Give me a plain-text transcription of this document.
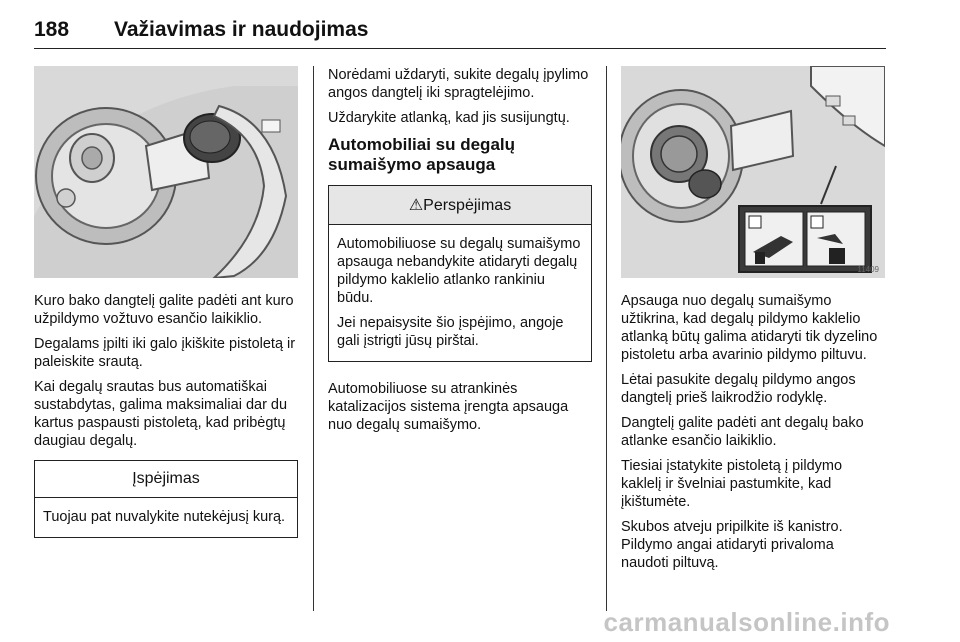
188 Važiavimas ir naudojimas

Kuro bako dangtelį galite padėti ant kuro užpildymo vožtuvo esančio laikiklio.

Degalams įpilti iki galo įkiškite pistoletą ir paleiskite srautą.

Kai degalų srautas bus automatiškai sustabdytas, galima maksimaliai dar du kartus paspausti pistoletą, kad pribėgtų daugiau degalų.

Įspėjimas

Tuojau pat nuvalykite nutekėjusį kurą.

Norėdami uždaryti, sukite degalų įpylimo angos dangtelį iki spragtelėjimo.

Uždarykite atlanką, kad jis susijungtų.

Automobiliai su degalų sumaišymo apsauga
⚠Perspėjimas

Automobiliuose su degalų sumaišymo apsauga nebandykite atidaryti degalų pildymo kaklelio atlanko rankiniu būdu.

Jei nepaisysite šio įspėjimo, angoje gali įstrigti jūsų pirštai.

Automobiliuose su atrankinės katalizacijos sistema įrengta apsauga nuo degalų sumaišymo.

11409

Apsauga nuo degalų sumaišymo užtikrina, kad degalų pildymo kaklelio atlanką būtų galima atidaryti tik dyzelino pistoletu arba avarinio pildymo piltuvu.

Lėtai pasukite degalų pildymo angos dangtelį prieš laikrodžio rodyklę.

Dangtelį galite padėti ant degalų bako atlanke esančio laikiklio.

Tiesiai įstatykite pistoletą į pildymo kaklelį ir švelniai pastumkite, kad įkištumėte.

Skubos atveju pripilkite iš kanistro. Pildymo angai atidaryti privaloma naudoti piltuvą.

carmanualsonline.info
